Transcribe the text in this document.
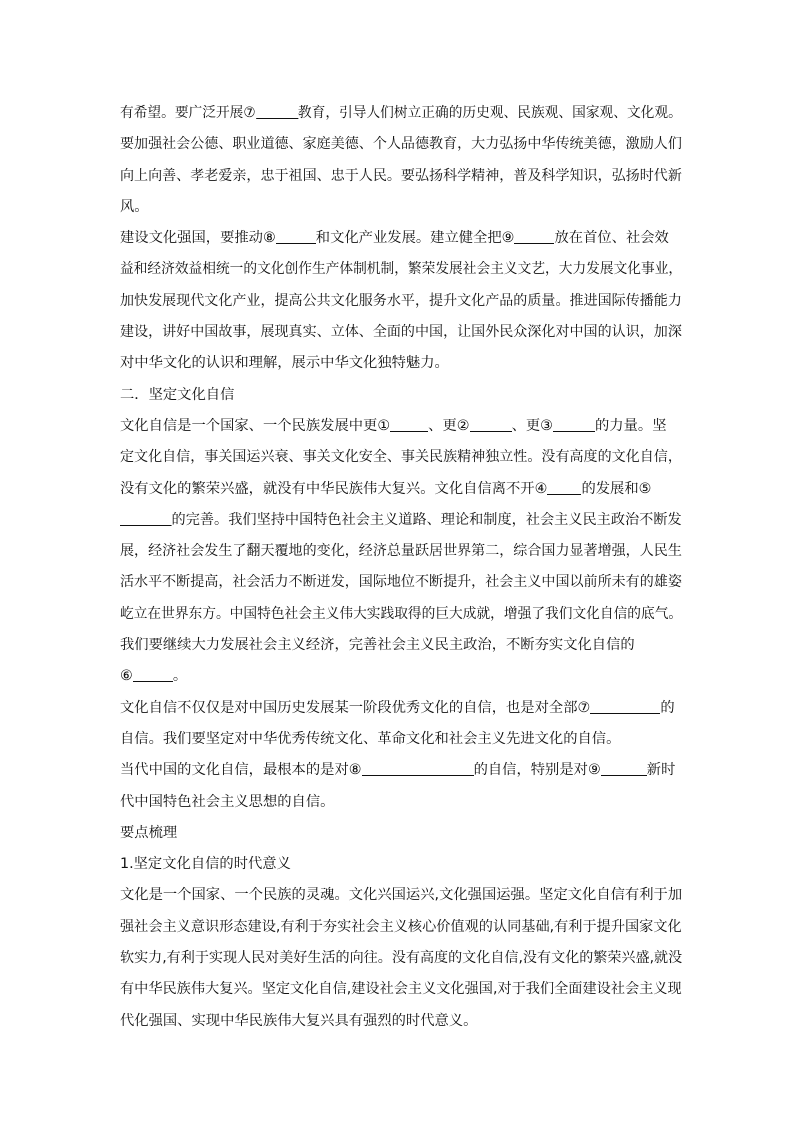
有希望。要广泛开展⑦	教育，引导人们树立正确的历史观、民族观、国家观、文化观。
要加强社会公德、职业道德、家庭美德、个人品德教育，大力弘扬中华传统美德，激励人们
向上向善、孝老爱亲，忠于祖国、忠于人民。要弘扬科学精神，普及科学知识，弘扬时代新
风。
建设文化强国，要推动⑧	和文化产业发展。建立健全把⑨	放在首位、社会效
益和经济效益相统一的文化创作生产体制机制，繁荣发展社会主义文艺，大力发展文化事业，
加快发展现代文化产业，提高公共文化服务水平，提升文化产品的质量。推进国际传播能力
建设，讲好中国故事，展现真实、立体、全面的中国，让国外民众深化对中国的认识，加深
对中华文化的认识和理解，展示中华文化独特魅力。
二．坚定文化自信
文化自信是一个国家、一个民族发展中更①	、更②	、更③	的力量。坚
定文化自信，事关国运兴衰、事关文化安全、事关民族精神独立性。没有高度的文化自信，
没有文化的繁荣兴盛，就没有中华民族伟大复兴。文化自信离不开④ 的发展和⑤
的完善。我们坚持中国特色社会主义道路、理论和制度，社会主义民主政治不断发
展，经济社会发生了翻天覆地的变化，经济总量跃居世界第二，综合国力显著增强，人民生
活水平不断提高，社会活力不断迸发，国际地位不断提升，社会主义中国以前所未有的雄姿
屹立在世界东方。中国特色社会主义伟大实践取得的巨大成就，增强了我们文化自信的底气。
我们要继续大力发展社会主义经济，完善社会主义民主政治，不断夯实文化自信的
⑥	。
文化自信不仅仅是对中国历史发展某一阶段优秀文化的自信，也是对全部⑦	的
自信。我们要坚定对中华优秀传统文化、革命文化和社会主义先进文化的自信。
当代中国的文化自信，最根本的是对⑧	的自信，特别是对⑨	新时
代中国特色社会主义思想的自信。
要点梳理
1.坚定文化自信的时代意义
文化是一个国家、一个民族的灵魂。文化兴国运兴,文化强国运强。坚定文化自信有利于加
强社会主义意识形态建设,有利于夯实社会主义核心价值观的认同基础,有利于提升国家文化
软实力,有利于实现人民对美好生活的向往。没有高度的文化自信,没有文化的繁荣兴盛,就没
有中华民族伟大复兴。坚定文化自信,建设社会主义文化强国,对于我们全面建设社会主义现
代化强国、实现中华民族伟大复兴具有强烈的时代意义。
